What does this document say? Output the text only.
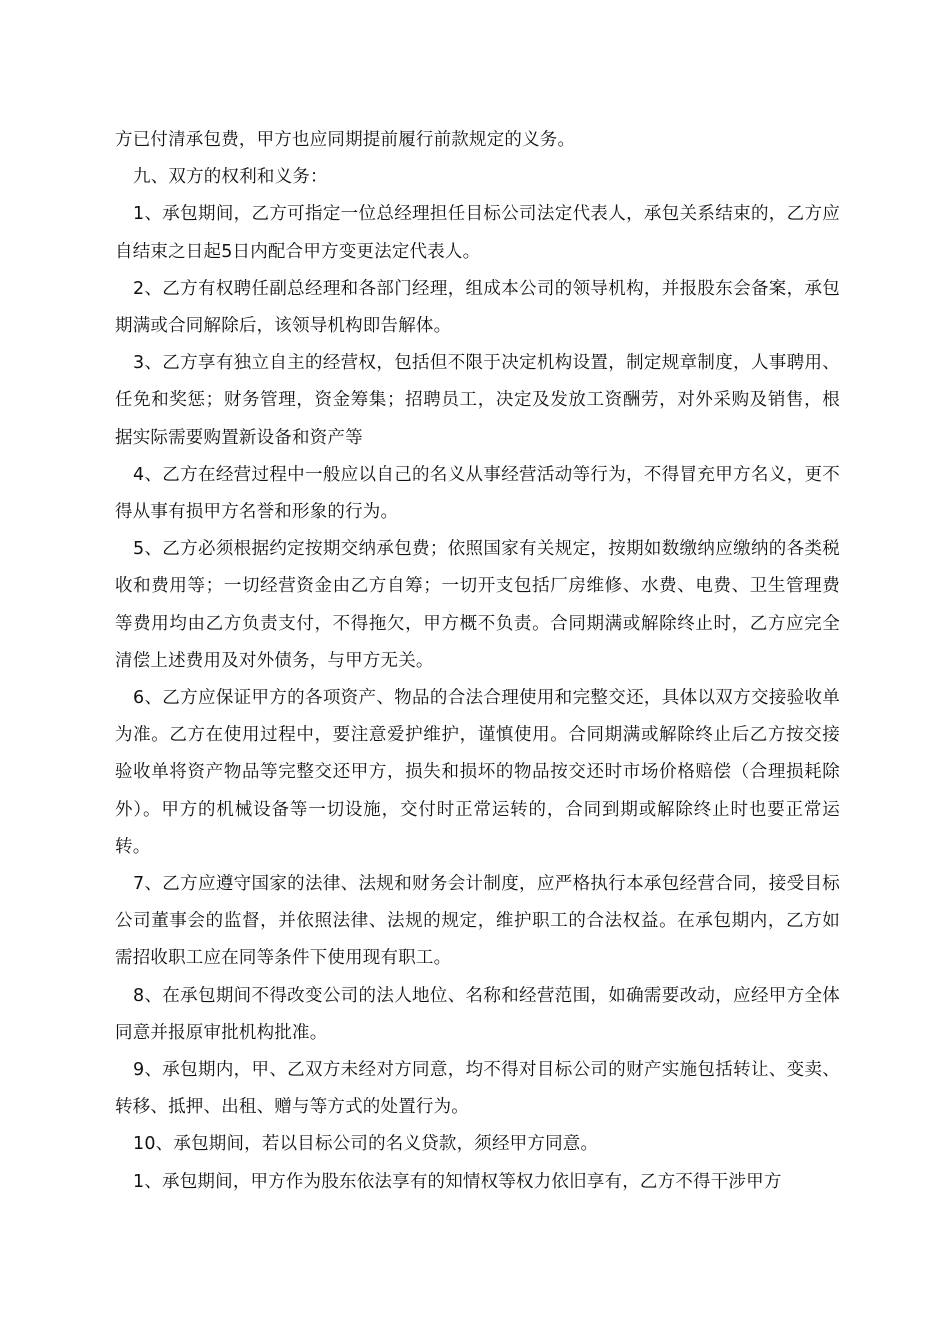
方已付清承包费，甲方也应同期提前履行前款规定的义务。

九、双方的权利和义务：

1、承包期间，乙方可指定一位总经理担任目标公司法定代表人，承包关系结束的，乙方应自结束之日起5日内配合甲方变更法定代表人。

2、乙方有权聘任副总经理和各部门经理，组成本公司的领导机构，并报股东会备案，承包期满或合同解除后，该领导机构即告解体。

3、乙方享有独立自主的经营权，包括但不限于决定机构设置，制定规章制度，人事聘用、任免和奖惩；财务管理，资金筹集；招聘员工，决定及发放工资酬劳，对外采购及销售，根据实际需要购置新设备和资产等

4、乙方在经营过程中一般应以自己的名义从事经营活动等行为，不得冒充甲方名义，更不得从事有损甲方名誉和形象的行为。

5、乙方必须根据约定按期交纳承包费；依照国家有关规定，按期如数缴纳应缴纳的各类税收和费用等；一切经营资金由乙方自筹；一切开支包括厂房维修、水费、电费、卫生管理费等费用均由乙方负责支付，不得拖欠，甲方概不负责。合同期满或解除终止时，乙方应完全清偿上述费用及对外债务，与甲方无关。

6、乙方应保证甲方的各项资产、物品的合法合理使用和完整交还，具体以双方交接验收单为准。乙方在使用过程中，要注意爱护维护，谨慎使用。合同期满或解除终止后乙方按交接验收单将资产物品等完整交还甲方，损失和损坏的物品按交还时市场价格赔偿（合理损耗除外）。甲方的机械设备等一切设施，交付时正常运转的，合同到期或解除终止时也要正常运转。

7、乙方应遵守国家的法律、法规和财务会计制度，应严格执行本承包经营合同，接受目标公司董事会的监督，并依照法律、法规的规定，维护职工的合法权益。在承包期内，乙方如需招收职工应在同等条件下使用现有职工。

8、在承包期间不得改变公司的法人地位、名称和经营范围，如确需要改动，应经甲方全体同意并报原审批机构批准。

9、承包期内，甲、乙双方未经对方同意，均不得对目标公司的财产实施包括转让、变卖、转移、抵押、出租、赠与等方式的处置行为。

10、承包期间，若以目标公司的名义贷款，须经甲方同意。

1、承包期间，甲方作为股东依法享有的知情权等权力依旧享有，乙方不得干涉甲方
